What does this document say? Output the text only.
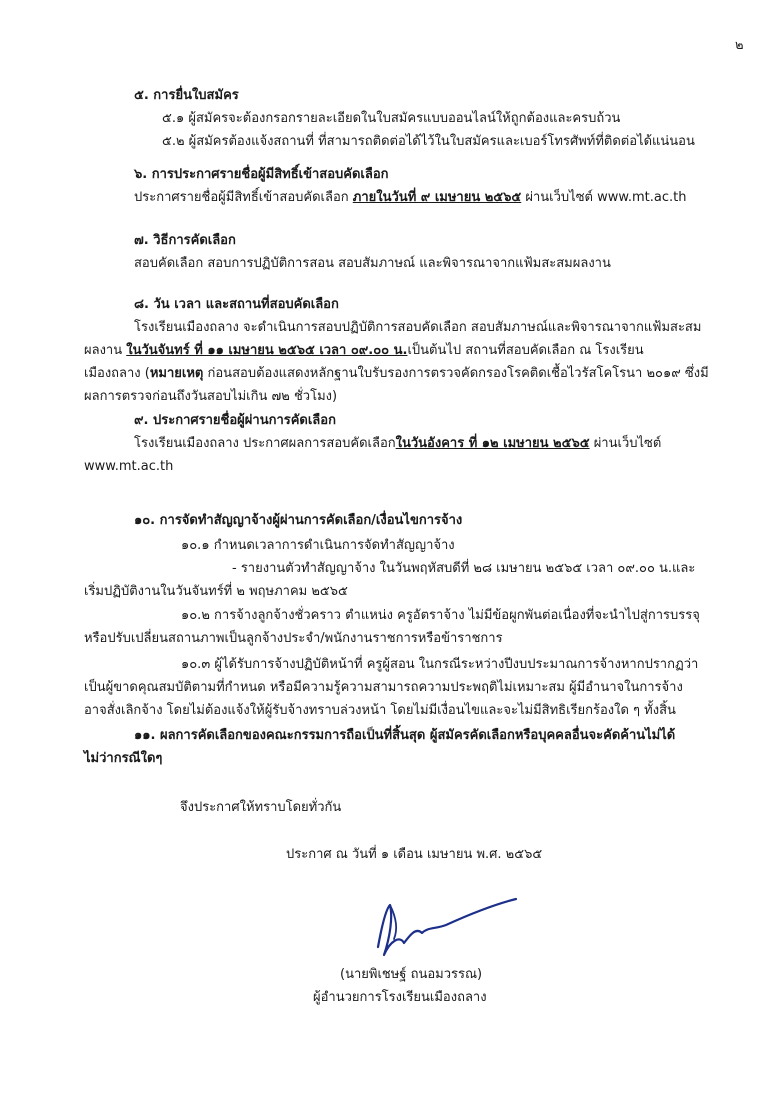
๒
๕. การยื่นใบสมัคร
๕.๑ ผู้สมัครจะต้องกรอกรายละเอียดในใบสมัครแบบออนไลน์ให้ถูกต้องและครบถ้วน
๕.๒ ผู้สมัครต้องแจ้งสถานที่ ที่สามารถติดต่อได้ไว้ในใบสมัครและเบอร์โทรศัพท์ที่ติดต่อได้แน่นอน
๖. การประกาศรายชื่อผู้มีสิทธิ์เข้าสอบคัดเลือก
ประกาศรายชื่อผู้มีสิทธิ์เข้าสอบคัดเลือก ภายในวันที่ ๙ เมษายน ๒๕๖๕ ผ่านเว็บไซต์ www.mt.ac.th
๗. วิธีการคัดเลือก
สอบคัดเลือก สอบการปฏิบัติการสอน สอบสัมภาษณ์ และพิจารณาจากแฟ้มสะสมผลงาน
๘. วัน เวลา และสถานที่สอบคัดเลือก
โรงเรียนเมืองถลาง จะดำเนินการสอบปฏิบัติการสอบคัดเลือก สอบสัมภาษณ์และพิจารณาจากแฟ้มสะสม
ผลงาน ในวันจันทร์ ที่ ๑๑ เมษายน ๒๕๖๕ เวลา ๐๙.๐๐ น.เป็นต้นไป สถานที่สอบคัดเลือก ณ โรงเรียน
เมืองถลาง (หมายเหตุ ก่อนสอบต้องแสดงหลักฐานใบรับรองการตรวจคัดกรองโรคติดเชื้อไวรัสโคโรนา ๒๐๑๙ ซึ่งมี
ผลการตรวจก่อนถึงวันสอบไม่เกิน ๗๒ ชั่วโมง)
๙. ประกาศรายชื่อผู้ผ่านการคัดเลือก
โรงเรียนเมืองถลาง ประกาศผลการสอบคัดเลือกในวันอังคาร ที่ ๑๒ เมษายน ๒๕๖๕ ผ่านเว็บไซต์
www.mt.ac.th
๑๐. การจัดทำสัญญาจ้างผู้ผ่านการคัดเลือก/เงื่อนไขการจ้าง
๑๐.๑ กำหนดเวลาการดำเนินการจัดทำสัญญาจ้าง
- รายงานตัวทำสัญญาจ้าง ในวันพฤหัสบดีที่ ๒๘ เมษายน ๒๕๖๕ เวลา ๐๙.๐๐ น.และ
เริ่มปฏิบัติงานในวันจันทร์ที่ ๒ พฤษภาคม ๒๕๖๕
๑๐.๒ การจ้างลูกจ้างชั่วคราว ตำแหน่ง ครูอัตราจ้าง ไม่มีข้อผูกพันต่อเนื่องที่จะนำไปสู่การบรรจุ
หรือปรับเปลี่ยนสถานภาพเป็นลูกจ้างประจำ/พนักงานราชการหรือข้าราชการ
๑๐.๓ ผู้ได้รับการจ้างปฏิบัติหน้าที่ ครูผู้สอน ในกรณีระหว่างปีงบประมาณการจ้างหากปรากฏว่า
เป็นผู้ขาดคุณสมบัติตามที่กำหนด หรือมีความรู้ความสามารถความประพฤติไม่เหมาะสม ผู้มีอำนาจในการจ้าง
อาจสั่งเลิกจ้าง โดยไม่ต้องแจ้งให้ผู้รับจ้างทราบล่วงหน้า โดยไม่มีเงื่อนไขและจะไม่มีสิทธิเรียกร้องใด ๆ ทั้งสิ้น
๑๑. ผลการคัดเลือกของคณะกรรมการถือเป็นที่สิ้นสุด ผู้สมัครคัดเลือกหรือบุคคลอื่นจะคัดค้านไม่ได้
ไม่ว่ากรณีใดๆ
จึงประกาศให้ทราบโดยทั่วกัน
ประกาศ ณ วันที่ ๑ เดือน เมษายน พ.ศ. ๒๕๖๕
(นายพิเชษฐ์ ถนอมวรรณ)
ผู้อำนวยการโรงเรียนเมืองถลาง
